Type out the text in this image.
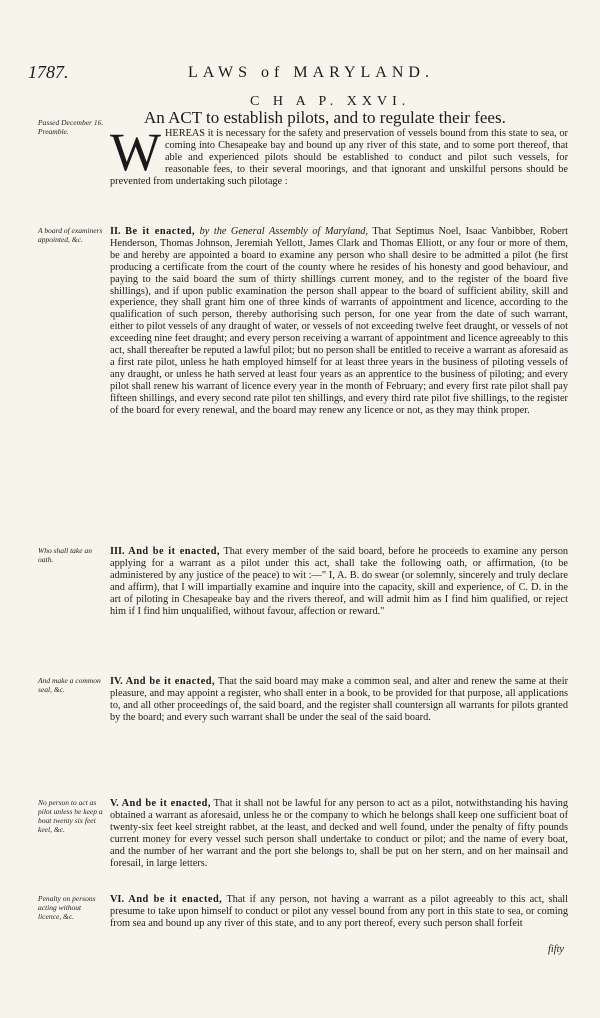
1787.	LAWS of MARYLAND.
C H A P. XXVI.
An ACT to establish pilots, and to regulate their fees.
Passed December 16. Preamble.
A board of examiners appointed, &c.
Who shall take an oath.
And make a common seal, &c.
No person to act as pilot unless he keep a boat twenty six feet keel, &c.
Penalty on persons acting without licence, &c.

W HEREAS it is necessary for the safety and preservation of vessels bound from this state to sea, or coming into Chesapeake bay and bound up any river of this state, and to some port thereof, that able and experienced pilots should be established to conduct and pilot such vessels, for reasonable fees, to their several moorings, and that ignorant and unskilful persons should be prevented from undertaking such pilotage :

II. Be it enacted, by the General Assembly of Maryland, That Septimus Noel, Isaac Vanbibber, Robert Henderson, Thomas Johnson, Jeremiah Yellott, James Clark and Thomas Elliott, or any four or more of them, be and hereby are appointed a board to examine any person who shall desire to be admitted a pilot (he first producing a certificate from the court of the county where he resides of his honesty and good behaviour, and paying to the said board the sum of thirty shillings current money, and to the register of the board five shillings), and if upon public examination the person shall appear to the board of sufficient ability, skill and experience, they shall grant him one of three kinds of warrants of appointment and licence, according to the qualification of such person, thereby authorising such person, for one year from the date of such warrant, either to pilot vessels of any draught of water, or vessels of not exceeding twelve feet draught, or vessels of not exceeding nine feet draught; and every person receiving a warrant of appointment and licence agreeably to this act, shall thereafter be reputed a lawful pilot; but no person shall be entitled to receive a warrant as aforesaid as a first rate pilot, unless he hath employed himself for at least three years in the business of piloting vessels of any draught, or unless he hath served at least four years as an apprentice to the business of piloting; and every pilot shall renew his warrant of licence every year in the month of February; and every first rate pilot shall pay fifteen shillings, and every second rate pilot ten shillings, and every third rate pilot five shillings, to the register of the board for every renewal, and the board may renew any licence or not, as they may think proper.

III. And be it enacted, That every member of the said board, before he proceeds to examine any person applying for a warrant as a pilot under this act, shall take the following oath, or affirmation, (to be administered by any justice of the peace) to wit :—" I, A. B. do swear (or solemnly, sincerely and truly declare and affirm), that I will impartially examine and inquire into the capacity, skill and experience, of C. D. in the art of piloting in Chesapeake bay and the rivers thereof, and will admit him as I find him qualified, or reject him if I find him unqualified, without favour, affection or reward."

IV. And be it enacted, That the said board may make a common seal, and alter and renew the same at their pleasure, and may appoint a register, who shall enter in a book, to be provided for that purpose, all applications to, and all other proceedings of, the said board, and the register shall countersign all warrants for pilots granted by the board; and every such warrant shall be under the seal of the said board.

V. And be it enacted, That it shall not be lawful for any person to act as a pilot, notwithstanding his having obtained a warrant as aforesaid, unless he or the company to which he belongs shall keep one sufficient boat of twenty-six feet keel streight rabbet, at the least, and decked and well found, under the penalty of fifty pounds current money for every vessel such person shall undertake to conduct or pilot; and the name of every boat, and the number of her warrant and the port she belongs to, shall be put on her stern, and on her mainsail and foresail, in large letters.

VI. And be it enacted, That if any person, not having a warrant as a pilot agreeably to this act, shall presume to take upon himself to conduct or pilot any vessel bound from any port in this state to sea, or coming from sea and bound up any river of this state, and to any port thereof, every such person shall forfeit

fifty
